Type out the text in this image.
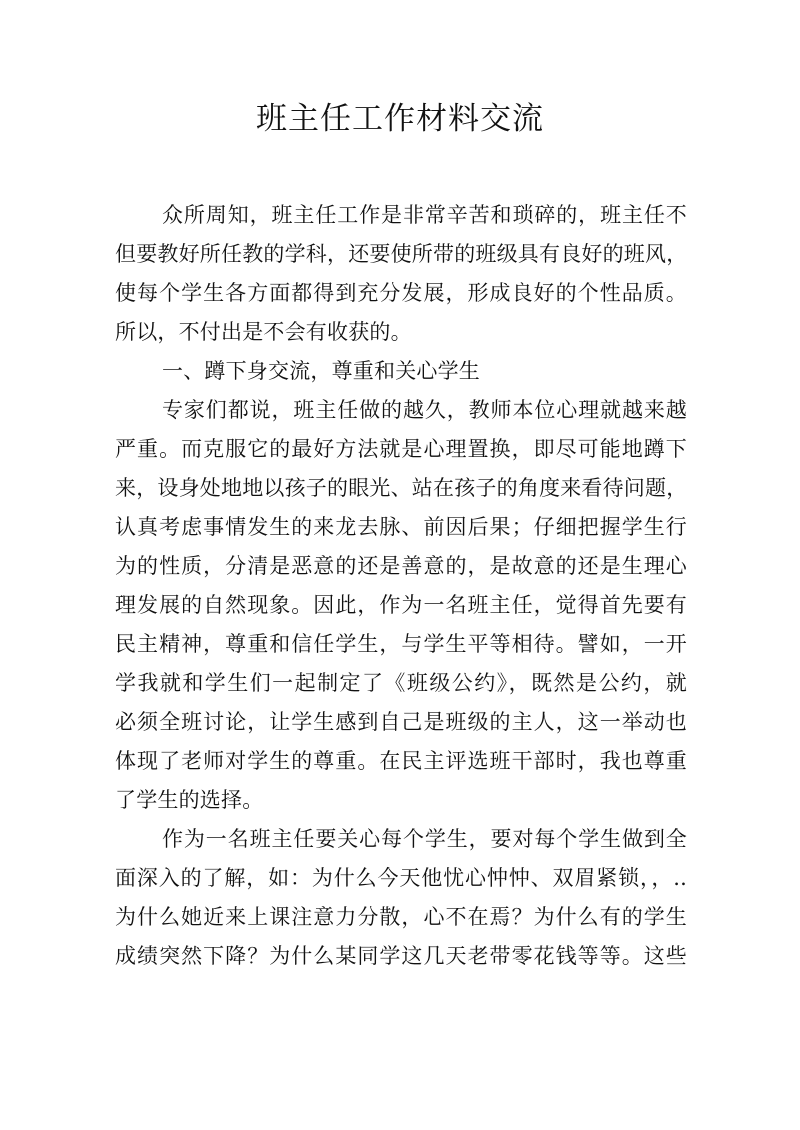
班主任工作材料交流
众所周知，班主任工作是非常辛苦和琐碎的，班主任不
但要教好所任教的学科，还要使所带的班级具有良好的班风，
使每个学生各方面都得到充分发展，形成良好的个性品质。
所以，不付出是不会有收获的。
一、蹲下身交流，尊重和关心学生
专家们都说，班主任做的越久，教师本位心理就越来越
严重。而克服它的最好方法就是心理置换，即尽可能地蹲下
来，设身处地地以孩子的眼光、站在孩子的角度来看待问题，
认真考虑事情发生的来龙去脉、前因后果；仔细把握学生行
为的性质，分清是恶意的还是善意的，是故意的还是生理心
理发展的自然现象。因此，作为一名班主任，觉得首先要有
民主精神，尊重和信任学生，与学生平等相待。譬如，一开
学我就和学生们一起制定了《班级公约》，既然是公约，就
必须全班讨论，让学生感到自己是班级的主人，这一举动也
体现了老师对学生的尊重。在民主评选班干部时，我也尊重
了学生的选择。
作为一名班主任要关心每个学生，要对每个学生做到全
面深入的了解，如：为什么今天他忧心忡忡、双眉紧锁，，..
为什么她近来上课注意力分散，心不在焉？为什么有的学生
成绩突然下降？为什么某同学这几天老带零花钱等等。这些
